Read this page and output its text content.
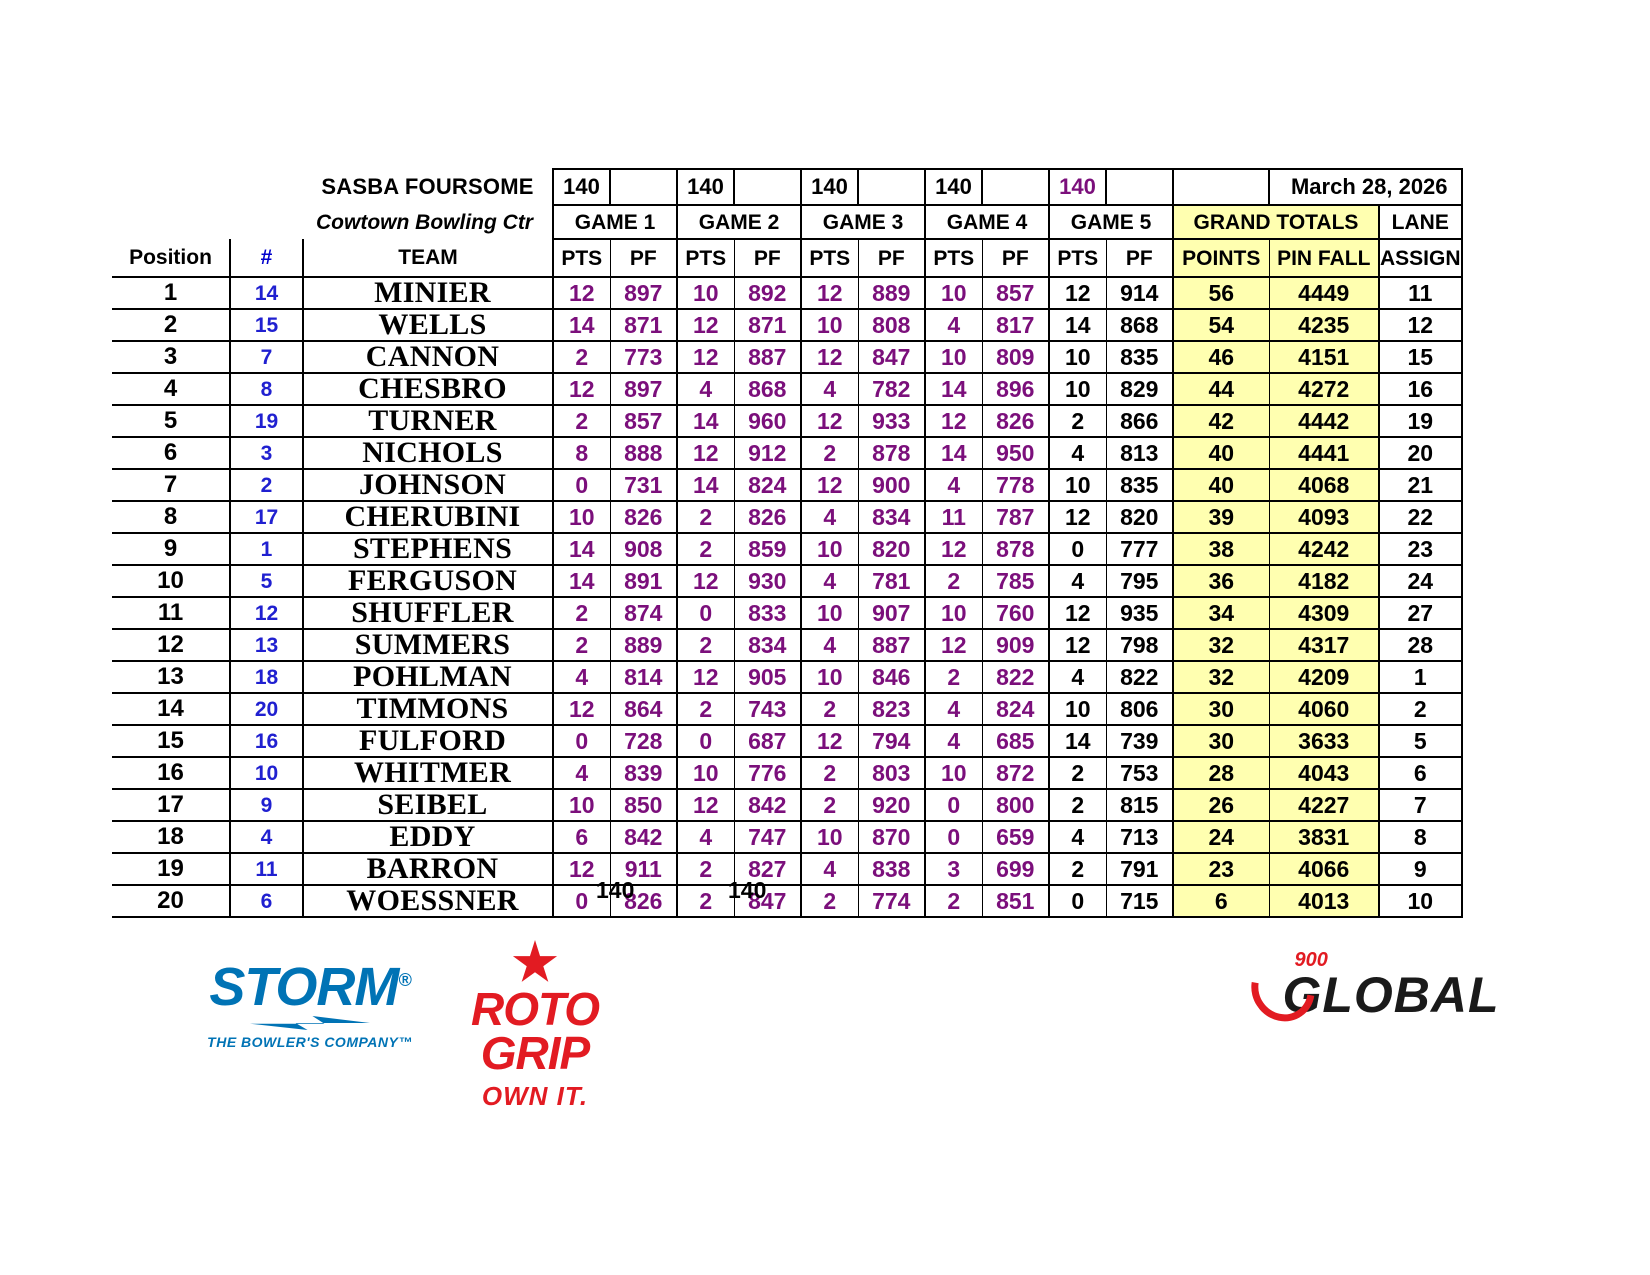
		SASBA FOURSOME	140		140		140		140		140			March 28, 2026	
		Cowtown Bowling Ctr	GAME 1		GAME 2		GAME 3		GAME 4		GAME 5		GRAND TOTALS		LANE
Position	#	TEAM	PTS	PF	PTS	PF	PTS	PF	PTS	PF	PTS	PF	POINTS	PIN FALL	ASSIGN
1	14	MINIER	12	897	10	892	12	889	10	857	12	914	56	4449	11
2	15	WELLS	14	871	12	871	10	808	4	817	14	868	54	4235	12
3	7	CANNON	2	773	12	887	12	847	10	809	10	835	46	4151	15
4	8	CHESBRO	12	897	4	868	4	782	14	896	10	829	44	4272	16
5	19	TURNER	2	857	14	960	12	933	12	826	2	866	42	4442	19
6	3	NICHOLS	8	888	12	912	2	878	14	950	4	813	40	4441	20
7	2	JOHNSON	0	731	14	824	12	900	4	778	10	835	40	4068	21
8	17	CHERUBINI	10	826	2	826	4	834	11	787	12	820	39	4093	22
9	1	STEPHENS	14	908	2	859	10	820	12	878	0	777	38	4242	23
10	5	FERGUSON	14	891	12	930	4	781	2	785	4	795	36	4182	24
11	12	SHUFFLER	2	874	0	833	10	907	10	760	12	935	34	4309	27
12	13	SUMMERS	2	889	2	834	4	887	12	909	12	798	32	4317	28
13	18	POHLMAN	4	814	12	905	10	846	2	822	4	822	32	4209	1
14	20	TIMMONS	12	864	2	743	2	823	4	824	10	806	30	4060	2
15	16	FULFORD	0	728	0	687	12	794	4	685	14	739	30	3633	5
16	10	WHITMER	4	839	10	776	2	803	10	872	2	753	28	4043	6
17	9	SEIBEL	10	850	12	842	2	920	0	800	2	815	26	4227	7
18	4	EDDY	6	842	4	747	10	870	0	659	4	713	24	3831	8
19	11	BARRON	12	911	2	827	4	838	3	699	2	791	23	4066	9
20	6	WOESSNER	0	826	2	847	2	774	2	851	0	715	6	4013	10
140	140
STORM®
THE BOWLER'S COMPANY™
ROTO
GRIP
OWN IT.
900
GLOBAL
